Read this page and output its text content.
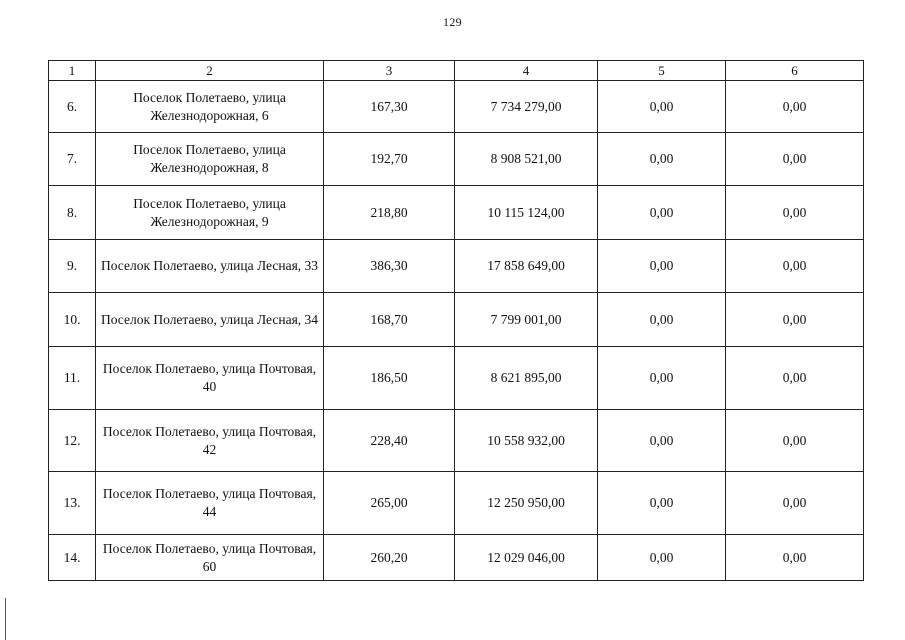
129
1	2	3	4	5	6
6.	Поселок Полетаево, улица Железнодорожная, 6	167,30	7 734 279,00	0,00	0,00
7.	Поселок Полетаево, улица Железнодорожная, 8	192,70	8 908 521,00	0,00	0,00
8.	Поселок Полетаево, улица Железнодорожная, 9	218,80	10 115 124,00	0,00	0,00
9.	Поселок Полетаево, улица Лесная, 33	386,30	17 858 649,00	0,00	0,00
10.	Поселок Полетаево, улица Лесная, 34	168,70	7 799 001,00	0,00	0,00
11.	Поселок Полетаево, улица Почтовая, 40	186,50	8 621 895,00	0,00	0,00
12.	Поселок Полетаево, улица Почтовая, 42	228,40	10 558 932,00	0,00	0,00
13.	Поселок Полетаево, улица Почтовая, 44	265,00	12 250 950,00	0,00	0,00
14.	Поселок Полетаево, улица Почтовая, 60	260,20	12 029 046,00	0,00	0,00
